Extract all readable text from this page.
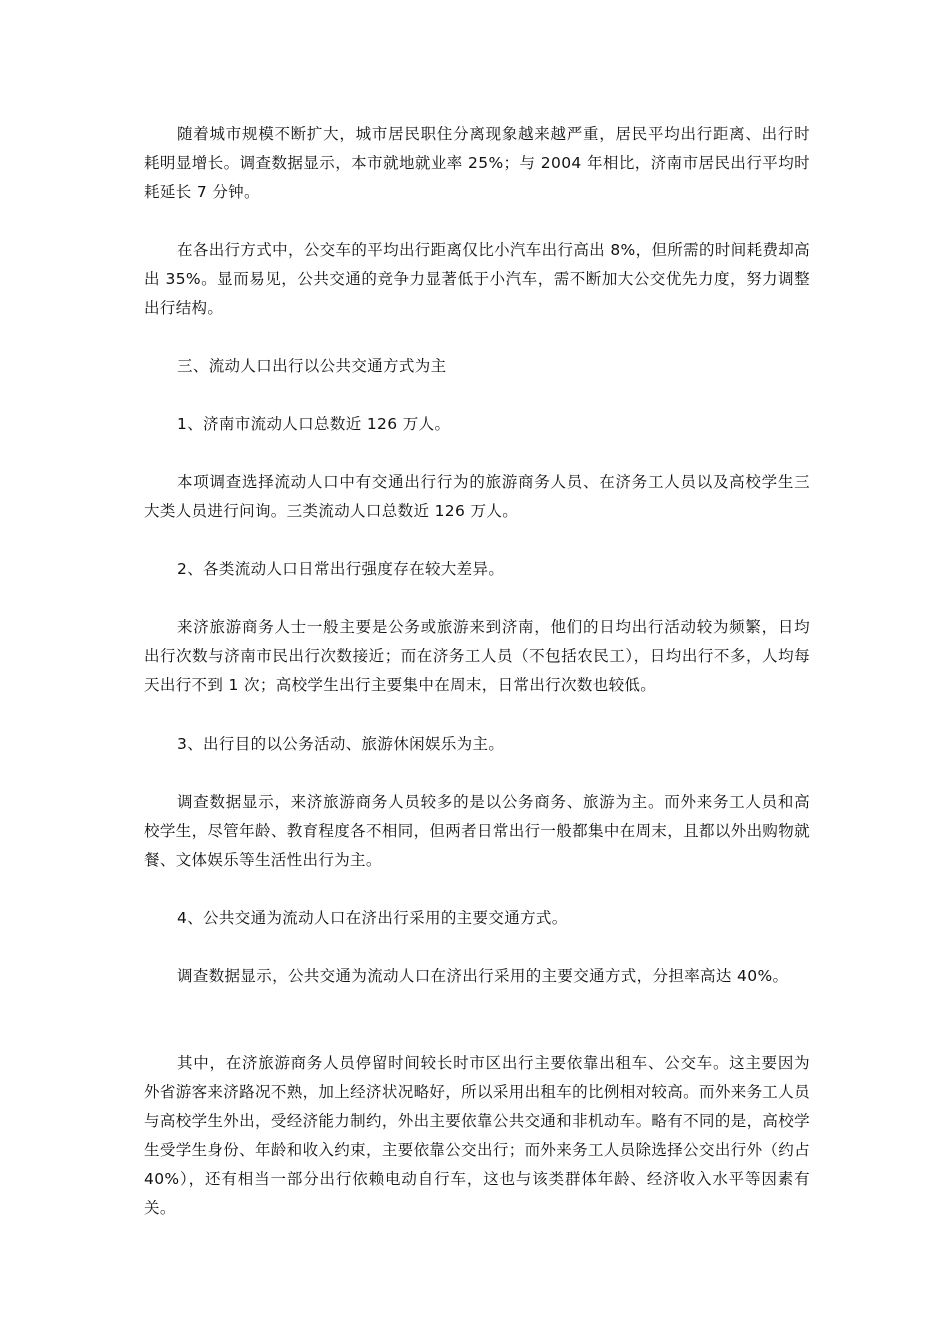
随着城市规模不断扩大，城市居民职住分离现象越来越严重，居民平均出行距离、出行时耗明显增长。调查数据显示，本市就地就业率 25%；与 2004 年相比，济南市居民出行平均时耗延长 7 分钟。

在各出行方式中，公交车的平均出行距离仅比小汽车出行高出 8%，但所需的时间耗费却高出 35%。显而易见，公共交通的竞争力显著低于小汽车，需不断加大公交优先力度，努力调整出行结构。

三、流动人口出行以公共交通方式为主

1、济南市流动人口总数近 126 万人。

本项调查选择流动人口中有交通出行行为的旅游商务人员、在济务工人员以及高校学生三大类人员进行问询。三类流动人口总数近 126 万人。

2、各类流动人口日常出行强度存在较大差异。

来济旅游商务人士一般主要是公务或旅游来到济南，他们的日均出行活动较为频繁，日均出行次数与济南市民出行次数接近；而在济务工人员（不包括农民工），日均出行不多，人均每天出行不到 1 次；高校学生出行主要集中在周末，日常出行次数也较低。

3、出行目的以公务活动、旅游休闲娱乐为主。

调查数据显示，来济旅游商务人员较多的是以公务商务、旅游为主。而外来务工人员和高校学生，尽管年龄、教育程度各不相同，但两者日常出行一般都集中在周末，且都以外出购物就餐、文体娱乐等生活性出行为主。

4、公共交通为流动人口在济出行采用的主要交通方式。

调查数据显示，公共交通为流动人口在济出行采用的主要交通方式，分担率高达 40%。

其中，在济旅游商务人员停留时间较长时市区出行主要依靠出租车、公交车。这主要因为外省游客来济路况不熟，加上经济状况略好，所以采用出租车的比例相对较高。而外来务工人员与高校学生外出，受经济能力制约，外出主要依靠公共交通和非机动车。略有不同的是，高校学生受学生身份、年龄和收入约束，主要依靠公交出行；而外来务工人员除选择公交出行外（约占 40%），还有相当一部分出行依赖电动自行车，这也与该类群体年龄、经济收入水平等因素有关。
